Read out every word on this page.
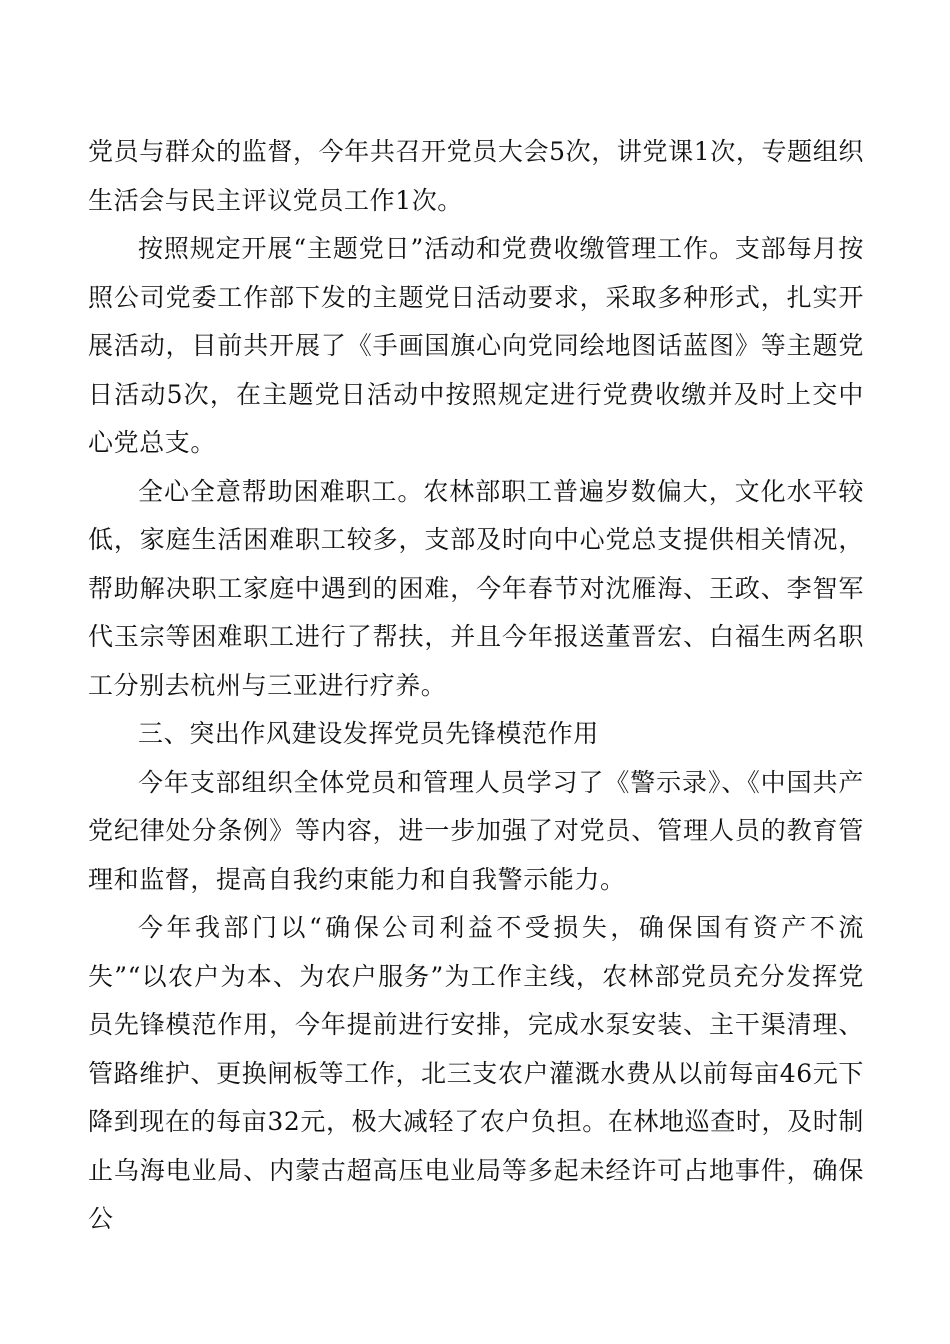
党员与群众的监督，今年共召开党员大会5次，讲党课1次，专题组织生活会与民主评议党员工作1次。

按照规定开展“主题党日”活动和党费收缴管理工作。支部每月按照公司党委工作部下发的主题党日活动要求，采取多种形式，扎实开展活动，目前共开展了《手画国旗心向党同绘地图话蓝图》等主题党日活动5次，在主题党日活动中按照规定进行党费收缴并及时上交中心党总支。

全心全意帮助困难职工。农林部职工普遍岁数偏大，文化水平较低，家庭生活困难职工较多，支部及时向中心党总支提供相关情况，帮助解决职工家庭中遇到的困难，今年春节对沈雁海、王政、李智军代玉宗等困难职工进行了帮扶，并且今年报送董晋宏、白福生两名职工分别去杭州与三亚进行疗养。

三、突出作风建设发挥党员先锋模范作用

今年支部组织全体党员和管理人员学习了《警示录》、《中国共产党纪律处分条例》等内容，进一步加强了对党员、管理人员的教育管理和监督，提高自我约束能力和自我警示能力。

今年我部门以“确保公司利益不受损失，确保国有资产不流失”“以农户为本、为农户服务”为工作主线，农林部党员充分发挥党员先锋模范作用，今年提前进行安排，完成水泵安装、主干渠清理、管路维护、更换闸板等工作，北三支农户灌溉水费从以前每亩46元下降到现在的每亩32元，极大减轻了农户负担。在林地巡查时，及时制止乌海电业局、内蒙古超高压电业局等多起未经许可占地事件，确保公
